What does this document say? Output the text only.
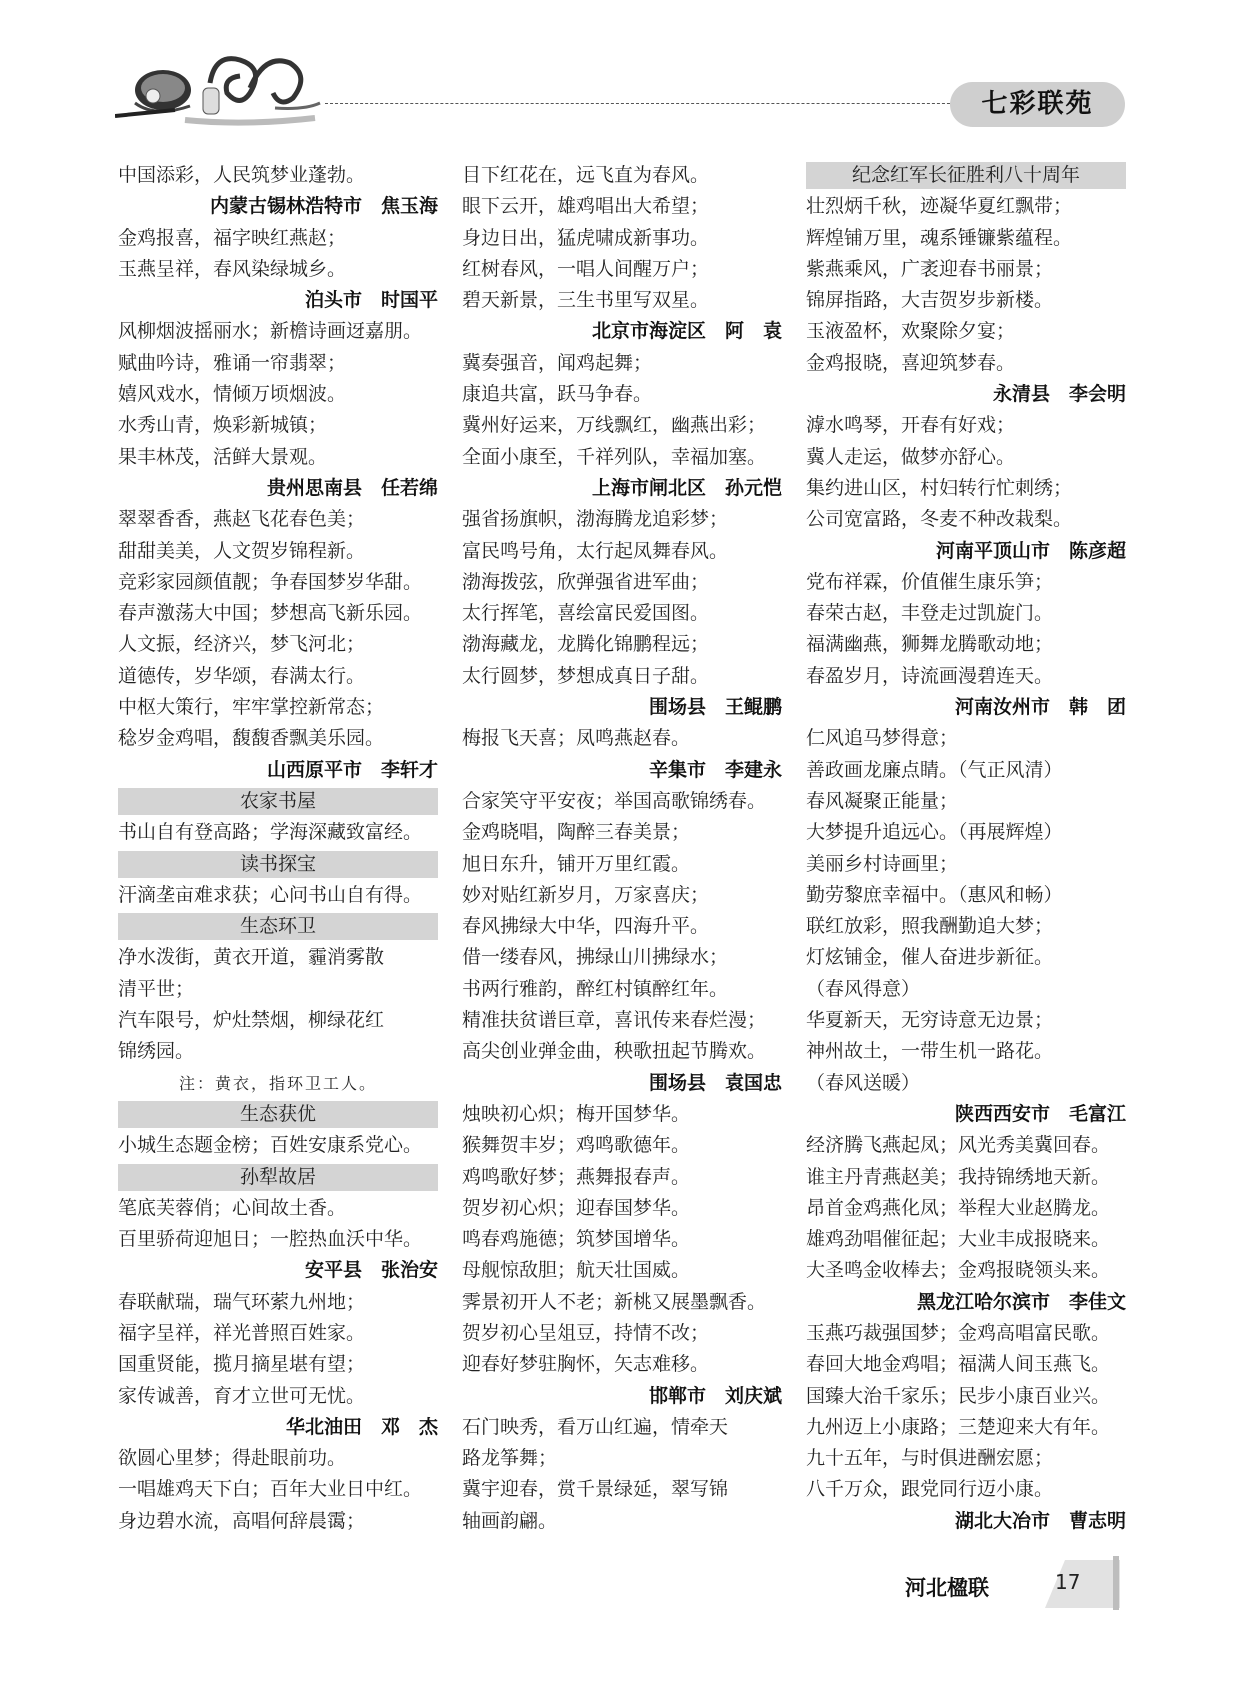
七彩联苑
中国添彩，人民筑梦业蓬勃。
内蒙古锡林浩特市　焦玉海
金鸡报喜，福字映红燕赵；
玉燕呈祥，春风染绿城乡。
泊头市　时国平
风柳烟波摇丽水；新檐诗画迓嘉朋。
赋曲吟诗，雅诵一帘翡翠；
嬉风戏水，情倾万顷烟波。
水秀山青，焕彩新城镇；
果丰林茂，活鲜大景观。
贵州思南县　任若绵
翠翠香香，燕赵飞花春色美；
甜甜美美，人文贺岁锦程新。
竞彩家园颜值靓；争春国梦岁华甜。
春声激荡大中国；梦想高飞新乐园。
人文振，经济兴，梦飞河北；
道德传，岁华颂，春满太行。
中枢大策行，牢牢掌控新常态；
稔岁金鸡唱，馥馥香飘美乐园。
山西原平市　李轩才
农家书屋
书山自有登高路；学海深藏致富经。
读书探宝
汗滴垄亩难求获；心问书山自有得。
生态环卫
净水泼街，黄衣开道，霾消雾散
清平世；
汽车限号，炉灶禁烟，柳绿花红
锦绣园。
注：黄衣，指环卫工人。
生态获优
小城生态题金榜；百姓安康系党心。
孙犁故居
笔底芙蓉俏；心间故土香。
百里骄荷迎旭日；一腔热血沃中华。
安平县　张治安
春联献瑞，瑞气环萦九州地；
福字呈祥，祥光普照百姓家。
国重贤能，揽月摘星堪有望；
家传诚善，育才立世可无忧。
华北油田　邓　杰
欲圆心里梦；得赴眼前功。
一唱雄鸡天下白；百年大业日中红。
身边碧水流，高唱何辞晨霭；
目下红花在，远飞直为春风。
眼下云开，雄鸡唱出大希望；
身边日出，猛虎啸成新事功。
红树春风，一唱人间醒万户；
碧天新景，三生书里写双星。
北京市海淀区　阿　袁
冀奏强音，闻鸡起舞；
康追共富，跃马争春。
冀州好运来，万线飘红，幽燕出彩；
全面小康至，千祥列队，幸福加塞。
上海市闸北区　孙元恺
强省扬旗帜，渤海腾龙追彩梦；
富民鸣号角，太行起凤舞春风。
渤海拨弦，欣弹强省进军曲；
太行挥笔，喜绘富民爱国图。
渤海藏龙，龙腾化锦鹏程远；
太行圆梦，梦想成真日子甜。
围场县　王鲲鹏
梅报飞天喜；凤鸣燕赵春。
辛集市　李建永
合家笑守平安夜；举国高歌锦绣春。
金鸡晓唱，陶醉三春美景；
旭日东升，铺开万里红霞。
妙对贴红新岁月，万家喜庆；
春风拂绿大中华，四海升平。
借一缕春风，拂绿山川拂绿水；
书两行雅韵，醉红村镇醉红年。
精准扶贫谱巨章，喜讯传来春烂漫；
高尖创业弹金曲，秧歌扭起节腾欢。
围场县　袁国忠
烛映初心炽；梅开国梦华。
猴舞贺丰岁；鸡鸣歌德年。
鸡鸣歌好梦；燕舞报春声。
贺岁初心炽；迎春国梦华。
鸣春鸡施德；筑梦国增华。
母舰惊敌胆；航天壮国威。
霁景初开人不老；新桃又展墨飘香。
贺岁初心呈俎豆，持情不改；
迎春好梦驻胸怀，矢志难移。
邯郸市　刘庆斌
石门映秀，看万山红遍，情牵天
路龙筝舞；
冀宇迎春，赏千景绿延，翠写锦
轴画韵翩。
纪念红军长征胜利八十周年
壮烈炳千秋，迹凝华夏红飘带；
辉煌铺万里，魂系锤镰紫蕴程。
紫燕乘风，广袤迎春书丽景；
锦屏指路，大吉贺岁步新楼。
玉液盈杯，欢聚除夕宴；
金鸡报晓，喜迎筑梦春。
永清县　李会明
滹水鸣琴，开春有好戏；
冀人走运，做梦亦舒心。
集约进山区，村妇转行忙刺绣；
公司宽富路，冬麦不种改栽梨。
河南平顶山市　陈彦超
党布祥霖，价值催生康乐笋；
春荣古赵，丰登走过凯旋门。
福满幽燕，狮舞龙腾歌动地；
春盈岁月，诗流画漫碧连天。
河南汝州市　韩　团
仁风追马梦得意；
善政画龙廉点睛。（气正风清）
春风凝聚正能量；
大梦提升追远心。（再展辉煌）
美丽乡村诗画里；
勤劳黎庶幸福中。（惠风和畅）
联红放彩，照我酬勤追大梦；
灯炫铺金，催人奋进步新征。
（春风得意）
华夏新天，无穷诗意无边景；
神州故土，一带生机一路花。
（春风送暖）
陕西西安市　毛富江
经济腾飞燕起凤；风光秀美冀回春。
谁主丹青燕赵美；我持锦绣地天新。
昂首金鸡燕化凤；举程大业赵腾龙。
雄鸡劲唱催征起；大业丰成报晓来。
大圣鸣金收棒去；金鸡报晓领头来。
黑龙江哈尔滨市　李佳文
玉燕巧裁强国梦；金鸡高唱富民歌。
春回大地金鸡唱；福满人间玉燕飞。
国臻大治千家乐；民步小康百业兴。
九州迈上小康路；三楚迎来大有年。
九十五年，与时俱进酬宏愿；
八千万众，跟党同行迈小康。
湖北大冶市　曹志明
河北楹联	17
